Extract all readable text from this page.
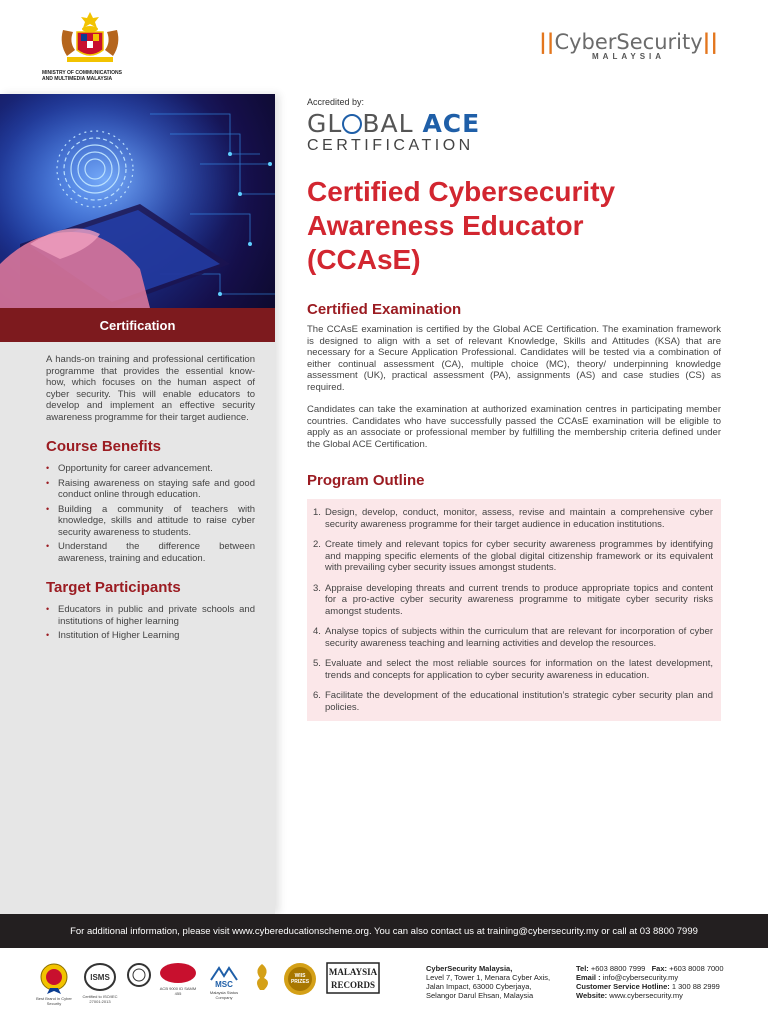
MINISTRY OF COMMUNICATIONS
AND MULTIMEDIA MALAYSIA
||CyberSecurity||
MALAYSIA
Certification

A hands-on training and professional certification programme that provides the essential know-how, which focuses on the human aspect of cyber security. This will enable educators to develop and implement an effective security awareness programme for their target audience.

Course Benefits
• Opportunity for career advancement.
• Raising awareness on staying safe and good conduct online through education.
• Building a community of teachers with knowledge, skills and attitude to raise cyber security awareness to students.
• Understand the difference between awareness, training and education.
Target Participants
• Educators in public and private schools and institutions of higher learning
• Institution of Higher Learning
Accredited by:
GL BAL ACE
CERTIFICATION
Certified Cybersecurity
Awareness Educator
(CCAsE)
Certified Examination

The CCAsE examination is certified by the Global ACE Certification. The examination framework is designed to align with a set of relevant Knowledge, Skills and Attitudes (KSA) that are necessary for a Secure Application Professional. Candidates will be tested via a combination of either continual assessment (CA), multiple choice (MC), theory/ underpinning knowledge assessment (UK), practical assessment (PA), assignments (AS) and case studies (CS) as required.

Candidates can take the examination at authorized examination centres in participating member countries. Candidates who have successfully passed the CCAsE examination will be eligible to apply as an associate or professional member by fulfilling the membership criteria defined under the Global ACE Certification.

Program Outline
1. Design, develop, conduct, monitor, assess, revise and maintain a comprehensive cyber security awareness programme for their target audience in education institutions.
2. Create timely and relevant topics for cyber security awareness programmes by identifying and mapping specific elements of the global digital citizenship framework or its equivalent with prevailing cyber security issues amongst students.
3. Appraise developing threats and current trends to produce appropriate topics and content for a pro-active cyber security awareness programme to mitigate cyber security risks amongst students.
4. Analyse topics of subjects within the curriculum that are relevant for incorporation of cyber security awareness teaching and learning activities and develop the resources.
5. Evaluate and select the most reliable sources for information on the latest development, trends and concepts for application to cyber security awareness in education.
6. Facilitate the development of the educational institution’s strategic cyber security plan and policies.
For additional information, please visit www.cybereducationscheme.org. You can also contact us at training@cybersecurity.my or call at 03 8800 7999
Best Brand in Cyber Security
ISMS
Certified to ISO/IEC 27001:2013
ACB 9000 ID SAMM 455
MSC
Malaysia Status Company
WIIS
PRIZES
MALAYSIA
RECORDS
CyberSecurity Malaysia,
Level 7, Tower 1, Menara Cyber Axis,
Jalan Impact, 63000 Cyberjaya,
Selangor Darul Ehsan, Malaysia
Tel: +603 8800 7999 Fax: +603 8008 7000
Email : info@cybersecurity.my
Customer Service Hotline: 1 300 88 2999
Website: www.cybersecurity.my
